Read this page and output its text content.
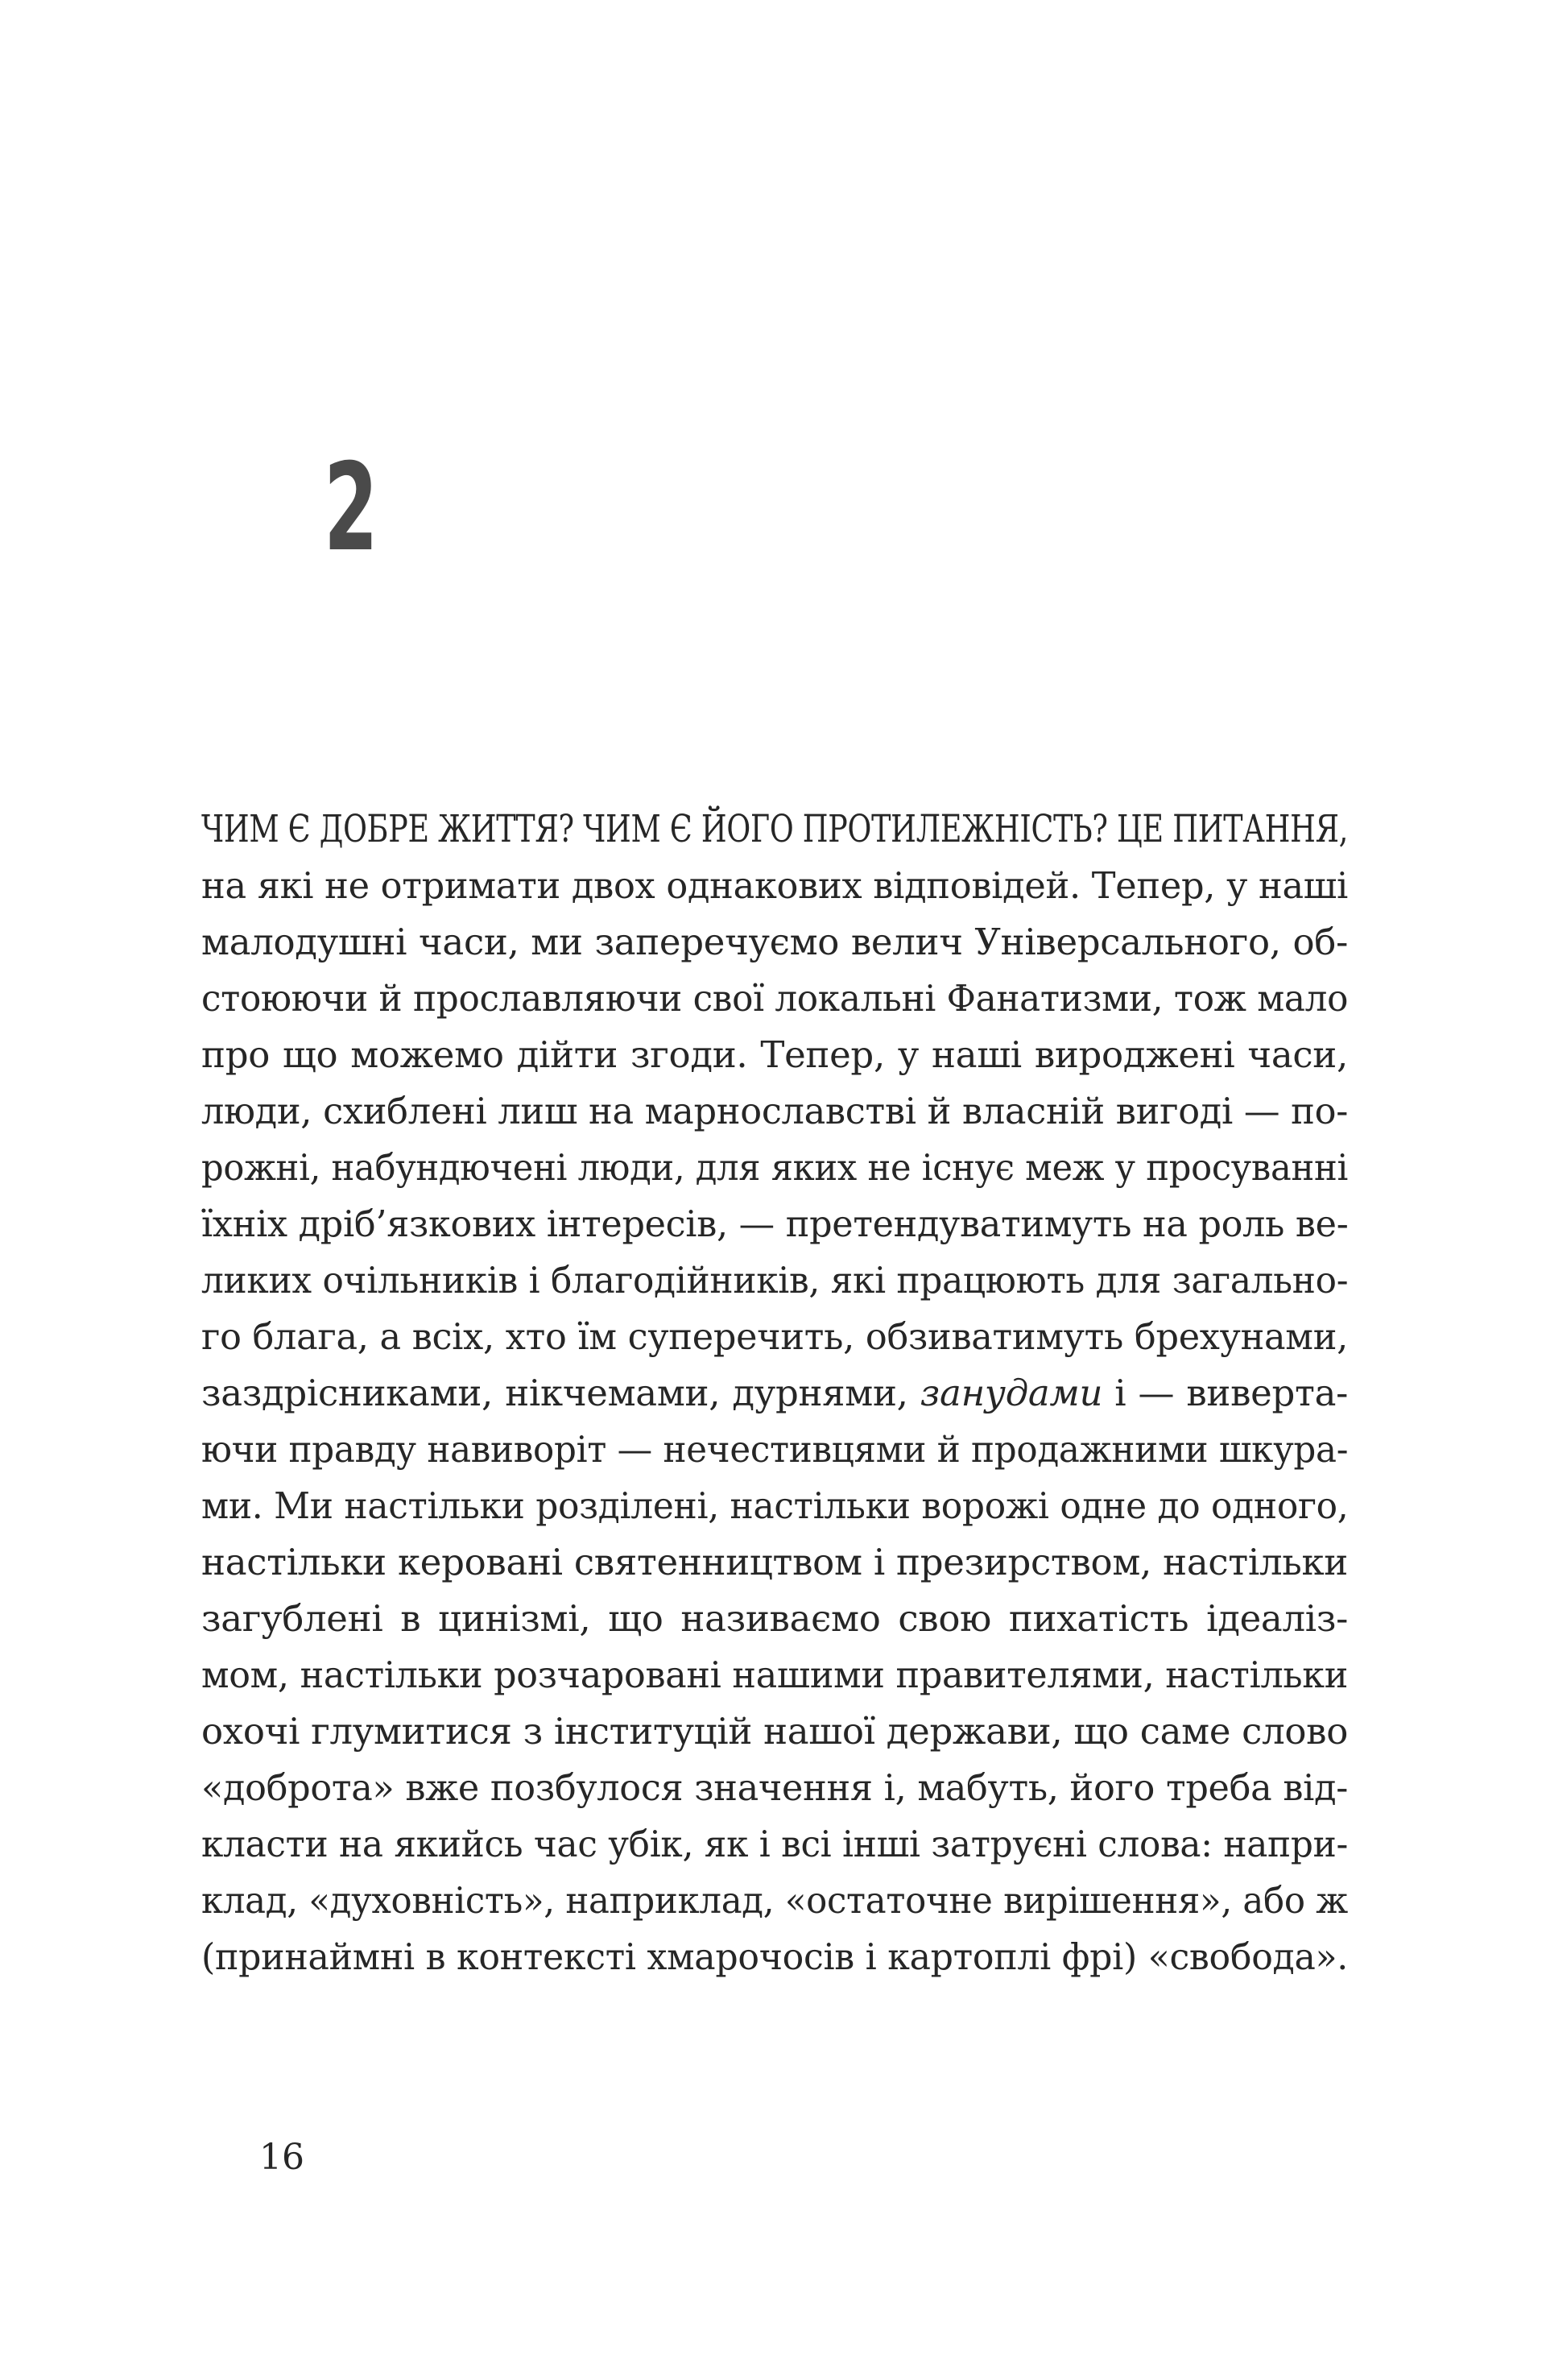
2
ЧИМ Є ДОБРЕ ЖИТТЯ? ЧИМ Є ЙОГО ПРОТИЛЕЖНІСТЬ? ЦЕ ПИТАННЯ,
на які не отримати двох однакових відповідей. Тепер, у наші
малодушні часи, ми заперечуємо велич Універсального, об-
стоюючи й прославляючи свої локальні Фанатизми, тож мало
про що можемо дійти згоди. Тепер, у наші вироджені часи,
люди, схиблені лиш на марнославстві й власній вигоді — по-
рожні, набундючені люди, для яких не існує меж у просуванні
їхніх дріб’язкових інтересів, — претендуватимуть на роль ве-
ликих очільників і благодійників, які працюють для загально-
го блага, а всіх, хто їм суперечить, обзиватимуть брехунами,
заздрісниками, нікчемами, дурнями, занудами і — виверта-
ючи правду навиворіт — нечестивцями й продажними шкура-
ми. Ми настільки розділені, настільки ворожі одне до одного,
настільки керовані святенництвом і презирством, настільки
загублені в цинізмі, що називаємо свою пихатість ідеаліз-
мом, настільки розчаровані нашими правителями, настільки
охочі глумитися з інституцій нашої держави, що саме слово
«доброта» вже позбулося значення і, мабуть, його треба від-
класти на якийсь час убік, як і всі інші затруєні слова: напри-
клад, «духовність», наприклад, «остаточне вирішення», або ж
(принаймні в контексті хмарочосів і картоплі фрі) «свобода».
16
